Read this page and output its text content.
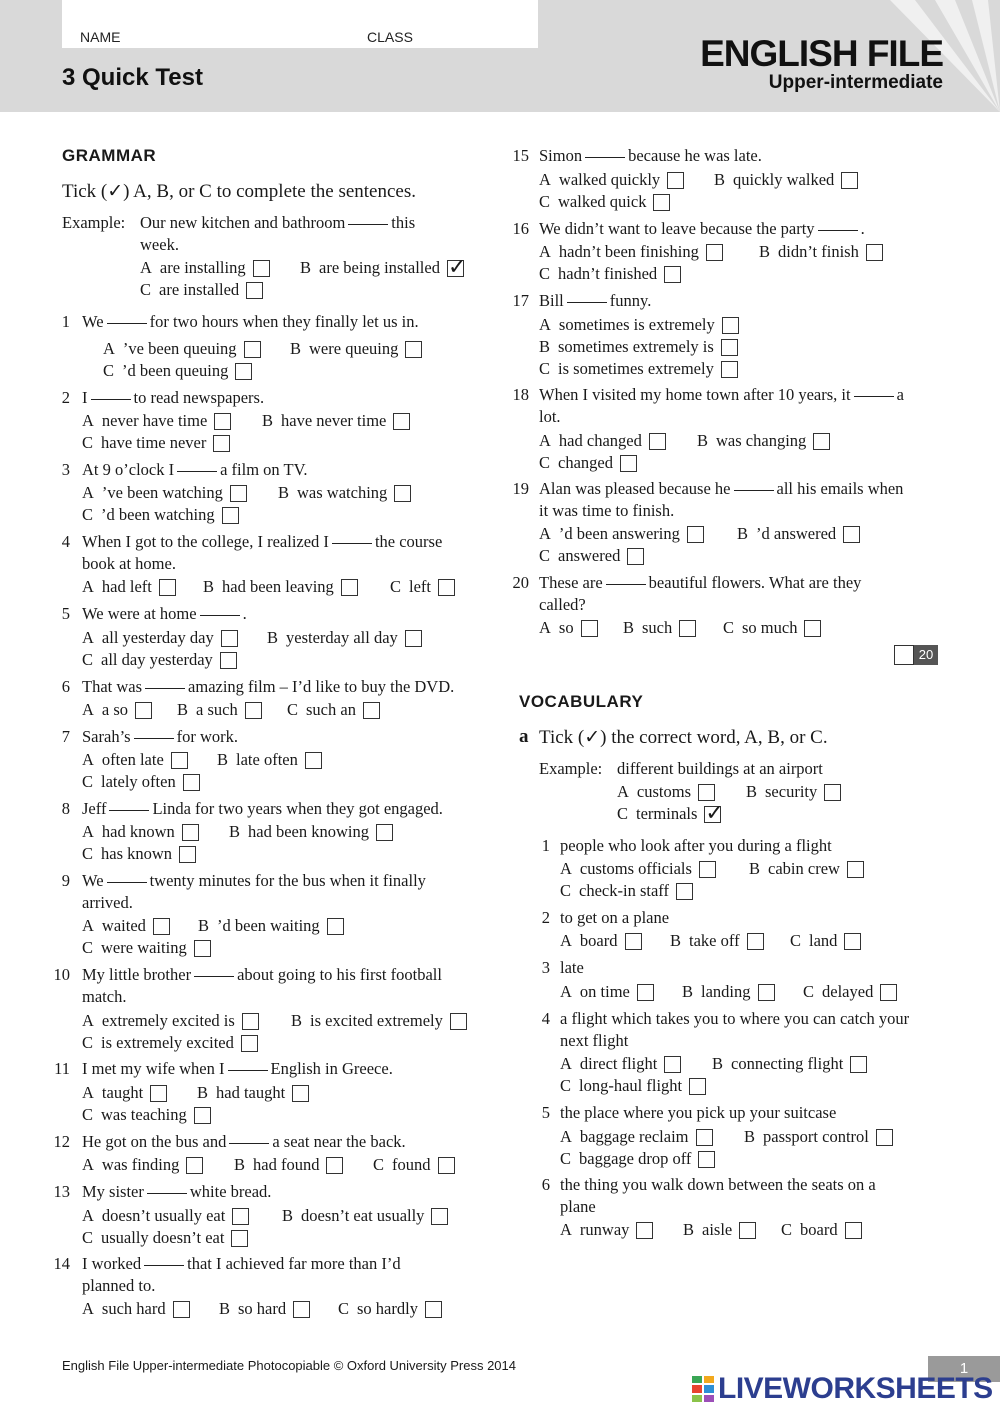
NAME	CLASS
3 Quick Test
ENGLISH FILE
Upper-intermediate
GRAMMAR
Tick (✓) A, B, or C to complete the sentences.
Example: Our new kitchen and bathroom	this
week.
A are installing	B are being installed
✓
C are installed
1 We	for two hours when they finally let us in.
A ’ve been queuing	B were queuing
C ’d been queuing
2 I	to read newspapers.
A never have time	B have never time
C have time never
3 At 9 o’clock I	a film on TV.
A ’ve been watching	B was watching
C ’d been watching
4 When I got to the college, I realized I	the course
book at home.
A had left	B had been leaving	C left
5 We were at home	.
A all yesterday day	B yesterday all day
C all day yesterday
6 That was	amazing film – I’d like to buy the DVD.
A a so	B a such	C such an
7 Sarah’s	for work.
A often late	B late often
C lately often
8 Jeff	Linda for two years when they got engaged.
A had known	B had been knowing
C has known
9 We	twenty minutes for the bus when it finally
arrived.
A waited	B ’d been waiting
C were waiting
10 My little brother	about going to his first football
match.
A extremely excited is	B is excited extremely
C is extremely excited
11 I met my wife when I	English in Greece.
A taught	B had taught
C was teaching
12 He got on the bus and	a seat near the back.
A was finding	B had found	C found
13 My sister	white bread.
A doesn’t usually eat	B doesn’t eat usually
C usually doesn’t eat
14 I worked	that I achieved far more than I’d
planned to.
A such hard	B so hard	C so hardly
15 Simon	because he was late.
A walked quickly	B quickly walked
C walked quick
16 We didn’t want to leave because the party	.
A hadn’t been finishing	B didn’t finish
C hadn’t finished
17 Bill	funny.
A sometimes is extremely
B sometimes extremely is
C is sometimes extremely
18 When I visited my home town after 10 years, it	a
lot.
A had changed	B was changing
C changed
19 Alan was pleased because he	all his emails when
it was time to finish.
A ’d been answering	B ’d answered
C answered
20 These are	beautiful flowers. What are they
called?
A so	B such	C so much
VOCABULARY
a Tick (✓) the correct word, A, B, or C.
Example: different buildings at an airport
A customs	B security
C terminals
✓
1 people who look after you during a flight
A customs officials	B cabin crew
C check-in staff
2 to get on a plane
A board	B take off	C land
3 late
A on time	B landing	C delayed
4 a flight which takes you to where you can catch your
next flight
A direct flight	B connecting flight
C long-haul flight
5 the place where you pick up your suitcase
A baggage reclaim	B passport control
C baggage drop off
6 the thing you walk down between the seats on a
plane
A runway	B aisle	C board
20
English File Upper-intermediate Photocopiable © Oxford University Press 2014	1
LIVEWORKSHEETS
